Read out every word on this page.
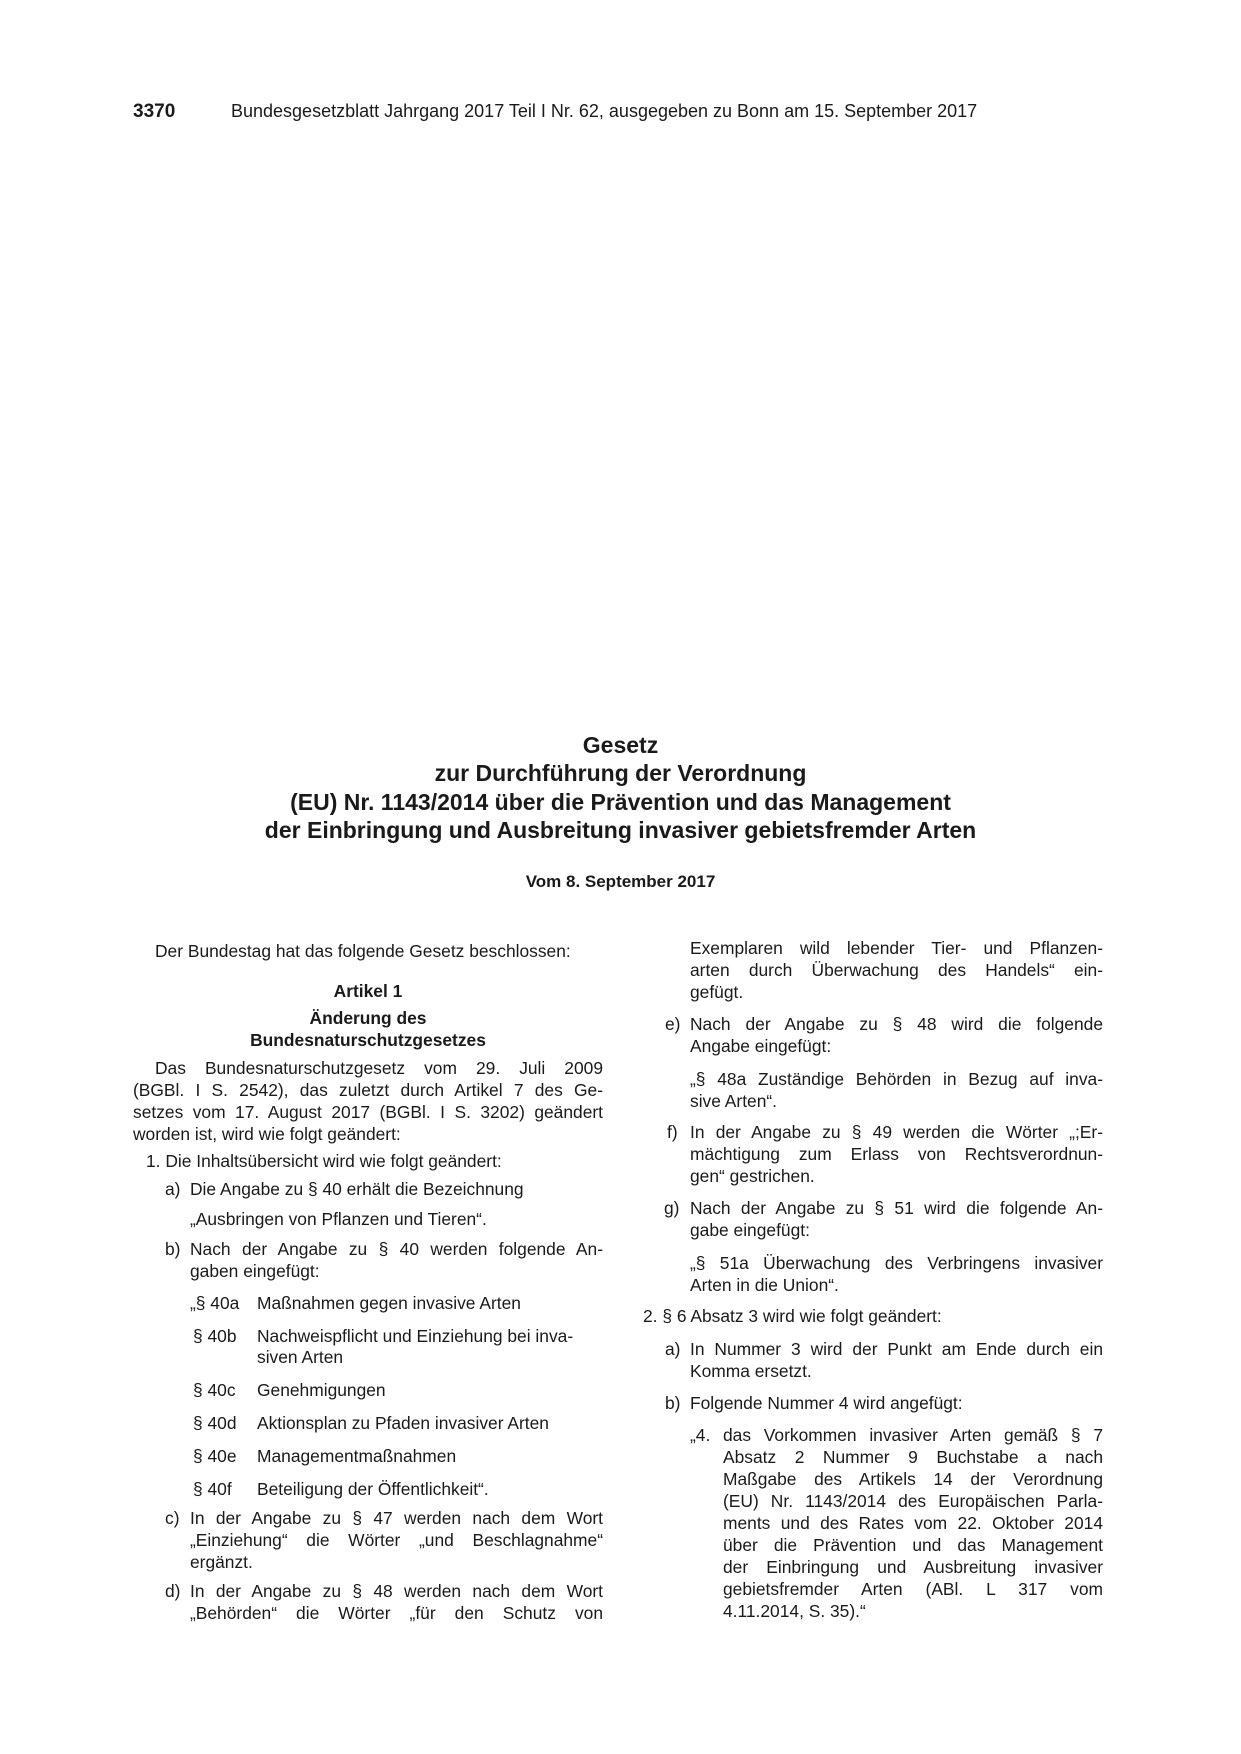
3370	Bundesgesetzblatt Jahrgang 2017 Teil I Nr. 62, ausgegeben zu Bonn am 15. September 2017
Gesetz
zur Durchführung der Verordnung
(EU) Nr. 1143/2014 über die Prävention und das Management
der Einbringung und Ausbreitung invasiver gebietsfremder Arten
Vom 8. September 2017
Der Bundestag hat das folgende Gesetz beschlossen:
Artikel 1
Änderung des
Bundesnaturschutzgesetzes
Das Bundesnaturschutzgesetz vom 29. Juli 2009
(BGBl. I S. 2542), das zuletzt durch Artikel 7 des Ge-
setzes vom 17. August 2017 (BGBl. I S. 3202) geändert
worden ist, wird wie folgt geändert:
1. Die Inhaltsübersicht wird wie folgt geändert:
a) Die Angabe zu § 40 erhält die Bezeichnung
„Ausbringen von Pflanzen und Tieren“.
b) Nach der Angabe zu § 40 werden folgende An-
gaben eingefügt:
„§ 40a Maßnahmen gegen invasive Arten
§ 40b Nachweispflicht und Einziehung bei inva-
siven Arten
§ 40c Genehmigungen
§ 40d Aktionsplan zu Pfaden invasiver Arten
§ 40e Managementmaßnahmen
§ 40f Beteiligung der Öffentlichkeit“.
c) In der Angabe zu § 47 werden nach dem Wort
„Einziehung“ die Wörter „und Beschlagnahme“
ergänzt.
d) In der Angabe zu § 48 werden nach dem Wort
„Behörden“ die Wörter „für den Schutz von
Exemplaren wild lebender Tier- und Pflanzen-
arten durch Überwachung des Handels“ ein-
gefügt.
e) Nach der Angabe zu § 48 wird die folgende
Angabe eingefügt:
„§ 48a Zuständige Behörden in Bezug auf inva-
sive Arten“.
f) In der Angabe zu § 49 werden die Wörter „;Er-
mächtigung zum Erlass von Rechtsverordnun-
gen“ gestrichen.
g) Nach der Angabe zu § 51 wird die folgende An-
gabe eingefügt:
„§ 51a Überwachung des Verbringens invasiver
Arten in die Union“.
2. § 6 Absatz 3 wird wie folgt geändert:
a) In Nummer 3 wird der Punkt am Ende durch ein
Komma ersetzt.
b) Folgende Nummer 4 wird angefügt:
„4. das Vorkommen invasiver Arten gemäß § 7
Absatz 2 Nummer 9 Buchstabe a nach
Maßgabe des Artikels 14 der Verordnung
(EU) Nr. 1143/2014 des Europäischen Parla-
ments und des Rates vom 22. Oktober 2014
über die Prävention und das Management
der Einbringung und Ausbreitung invasiver
gebietsfremder Arten (ABl. L 317 vom
4.11.2014, S. 35).“
